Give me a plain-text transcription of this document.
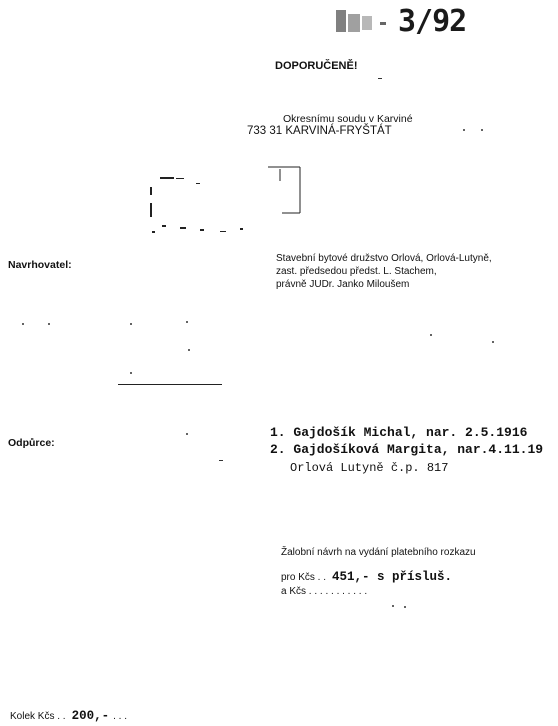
3/92
DOPORUČENĚ!
Okresnímu soudu v Karviné
733 31 KARVINÁ-FRYŠTÁT
Navrhovatel:
Stavební bytové družstvo Orlová, Orlová-Lutyně,
zast. předsedou předst. L. Stachem,
právně JUDr. Janko Miloušem
Odpůrce:
1. Gajdošík Michal, nar. 2.5.1916
2. Gajdošíková Margita, nar.4.11.19
Orlová Lutyně č.p. 817
Žalobní návrh na vydání platebního rozkazu
pro Kčs . . 451,- s přísluš.
a Kčs . . . . . . . . . . .
Kolek Kčs . . 200,- . . .
